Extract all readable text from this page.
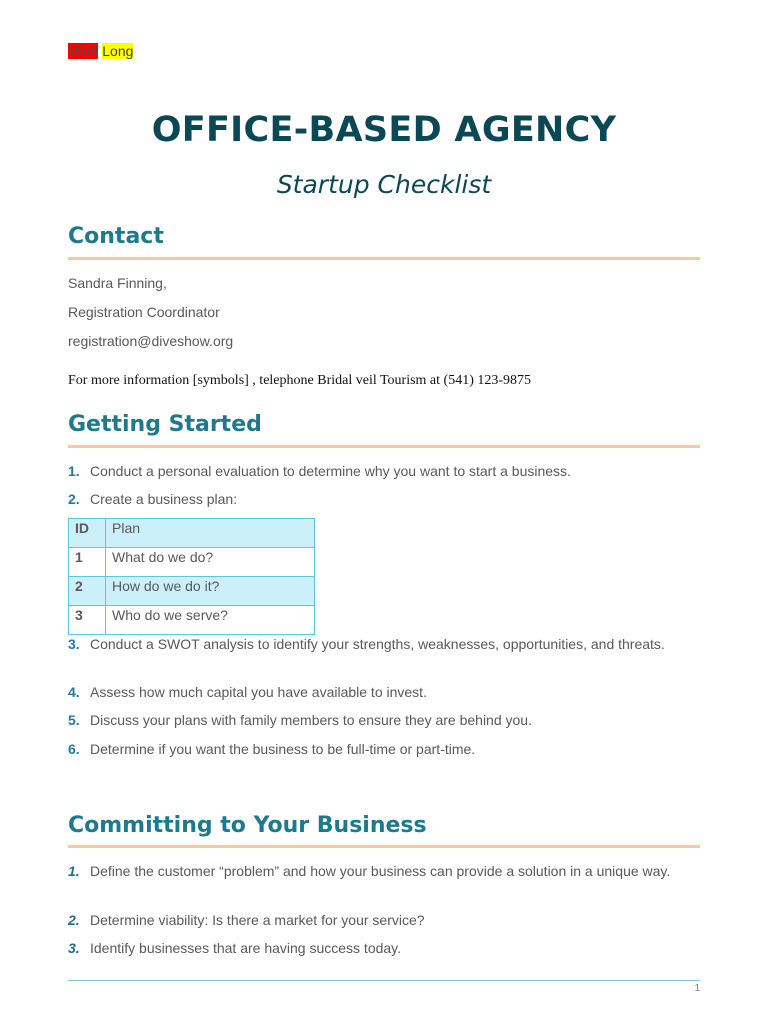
Minh Long
OFFICE-BASED AGENCY
Startup Checklist
Contact
Sandra Finning,
Registration Coordinator
registration@diveshow.org
For more information [symbols] , telephone Bridal veil Tourism at (541) 123-9875
Getting Started
1. Conduct a personal evaluation to determine why you want to start a business.
2. Create a business plan:
ID	Plan
1	What do we do?
2	How do we do it?
3	Who do we serve?
3. Conduct a SWOT analysis to identify your strengths, weaknesses, opportunities, and threats.
4. Assess how much capital you have available to invest.
5. Discuss your plans with family members to ensure they are behind you.
6. Determine if you want the business to be full-time or part-time.
Committing to Your Business
1. Define the customer “problem” and how your business can provide a solution in a unique way.
2. Determine viability: Is there a market for your service?
3. Identify businesses that are having success today.
1
